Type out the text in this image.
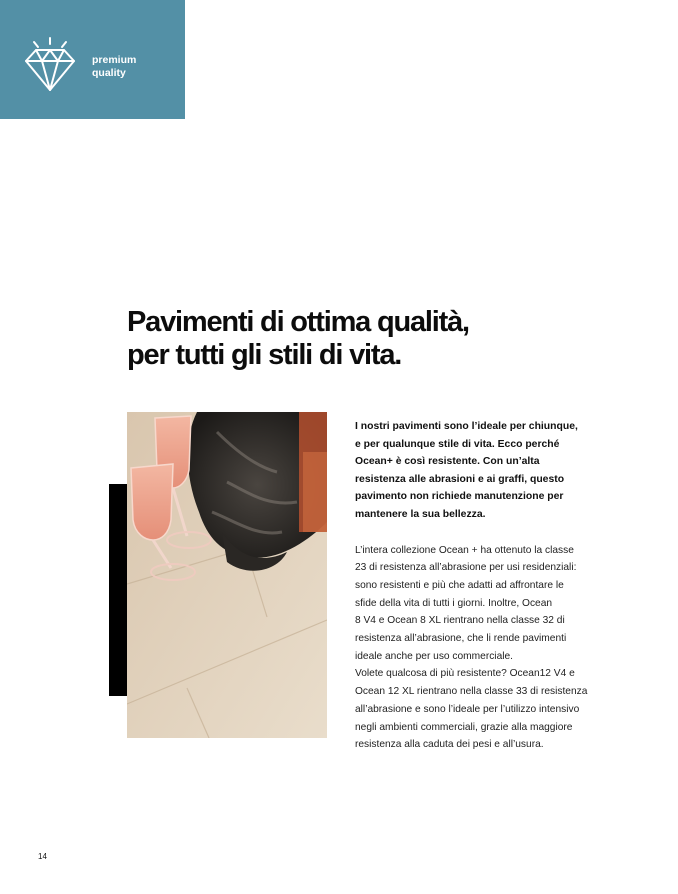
premium
quality
Pavimenti di ottima qualità,
per tutti gli stili di vita.
I nostri pavimenti sono l’ideale per chiunque,
e per qualunque stile di vita. Ecco perché
Ocean+ è così resistente. Con un’alta
resistenza alle abrasioni e ai graffi, questo
pavimento non richiede manutenzione per
mantenere la sua bellezza.
L’intera collezione Ocean + ha ottenuto la classe
23 di resistenza all’abrasione per usi residenziali:
sono resistenti e più che adatti ad affrontare le
sfide della vita di tutti i giorni. Inoltre, Ocean
8 V4 e Ocean 8 XL rientrano nella classe 32 di
resistenza all’abrasione, che li rende pavimenti
ideale anche per uso commerciale.
Volete qualcosa di più resistente? Ocean12 V4 e
Ocean 12 XL rientrano nella classe 33 di resistenza
all’abrasione e sono l’ideale per l’utilizzo intensivo
negli ambienti commerciali, grazie alla maggiore
resistenza alla caduta dei pesi e all’usura.
14
